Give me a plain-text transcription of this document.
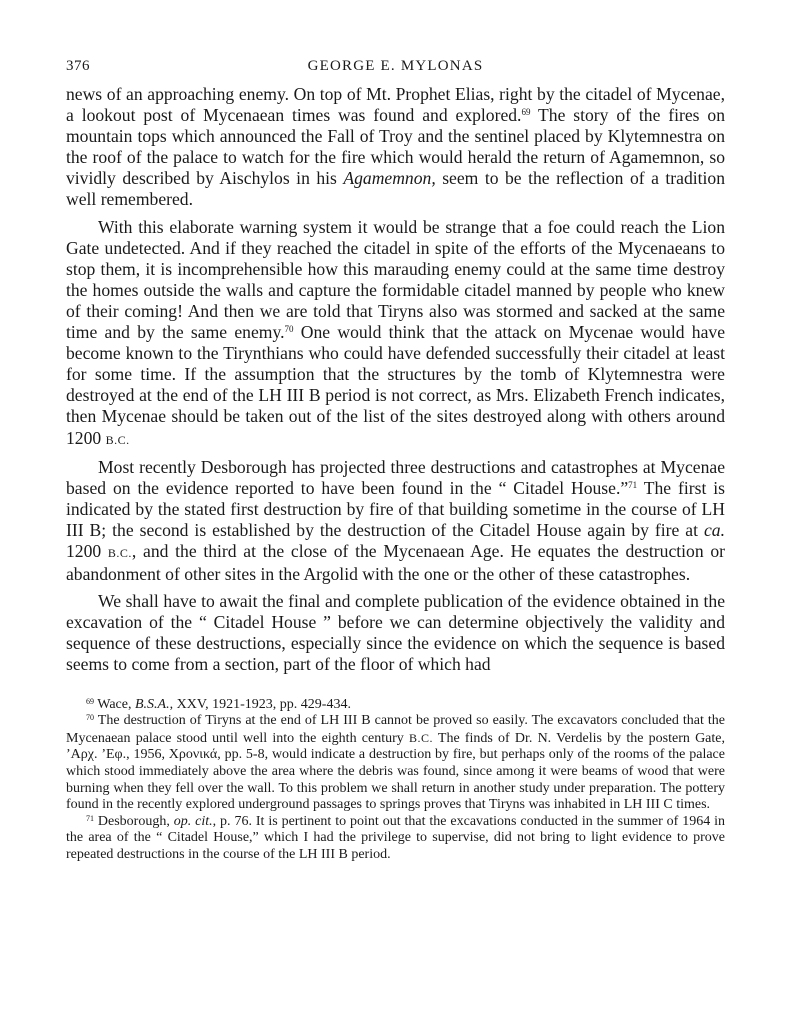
376	GEORGE E. MYLONAS

news of an approaching enemy. On top of Mt. Prophet Elias, right by the citadel of Mycenae, a lookout post of Mycenaean times was found and explored.$^{69}$ The story of the fires on mountain tops which announced the Fall of Troy and the sentinel placed by Klytemnestra on the roof of the palace to watch for the fire which would herald the return of Agamemnon, so vividly described by Aischylos in his Agamemnon, seem to be the reflection of a tradition well remembered.

With this elaborate warning system it would be strange that a foe could reach the Lion Gate undetected. And if they reached the citadel in spite of the efforts of the Mycenaeans to stop them, it is incomprehensible how this marauding enemy could at the same time destroy the homes outside the walls and capture the formidable citadel manned by people who knew of their coming! And then we are told that Tiryns also was stormed and sacked at the same time and by the same enemy.$^{70}$ One would think that the attack on Mycenae would have become known to the Tirynthians who could have defended successfully their citadel at least for some time. If the assumption that the structures by the tomb of Klytemnestra were destroyed at the end of the LH III B period is not correct, as Mrs. Elizabeth French indicates, then Mycenae should be taken out of the list of the sites destroyed along with others around 1200 B.C.

Most recently Desborough has projected three destructions and catastrophes at Mycenae based on the evidence reported to have been found in the “ Citadel House.”$^{71}$ The first is indicated by the stated first destruction by fire of that building sometime in the course of LH III B; the second is established by the destruction of the Citadel House again by fire at ca. 1200 B.C., and the third at the close of the Mycenaean Age. He equates the destruction or abandonment of other sites in the Argolid with the one or the other of these catastrophes.

We shall have to await the final and complete publication of the evidence obtained in the excavation of the “ Citadel House ” before we can determine objectively the validity and sequence of these destructions, especially since the evidence on which the sequence is based seems to come from a section, part of the floor of which had

$^{69}$ Wace, B.S.A., XXV, 1921-1923, pp. 429-434.

$^{70}$ The destruction of Tiryns at the end of LH III B cannot be proved so easily. The excavators concluded that the Mycenaean palace stood until well into the eighth century B.C. The finds of Dr. N. Verdelis by the postern Gate, ’Αρχ. ’Εφ., 1956, Χρονικά, pp. 5-8, would indicate a destruction by fire, but perhaps only of the rooms of the palace which stood immediately above the area where the debris was found, since among it were beams of wood that were burning when they fell over the wall. To this problem we shall return in another study under preparation. The pottery found in the recently explored underground passages to springs proves that Tiryns was inhabited in LH III C times.

$^{71}$ Desborough, op. cit., p. 76. It is pertinent to point out that the excavations conducted in the summer of 1964 in the area of the “ Citadel House,” which I had the privilege to supervise, did not bring to light evidence to prove repeated destructions in the course of the LH III B period.
